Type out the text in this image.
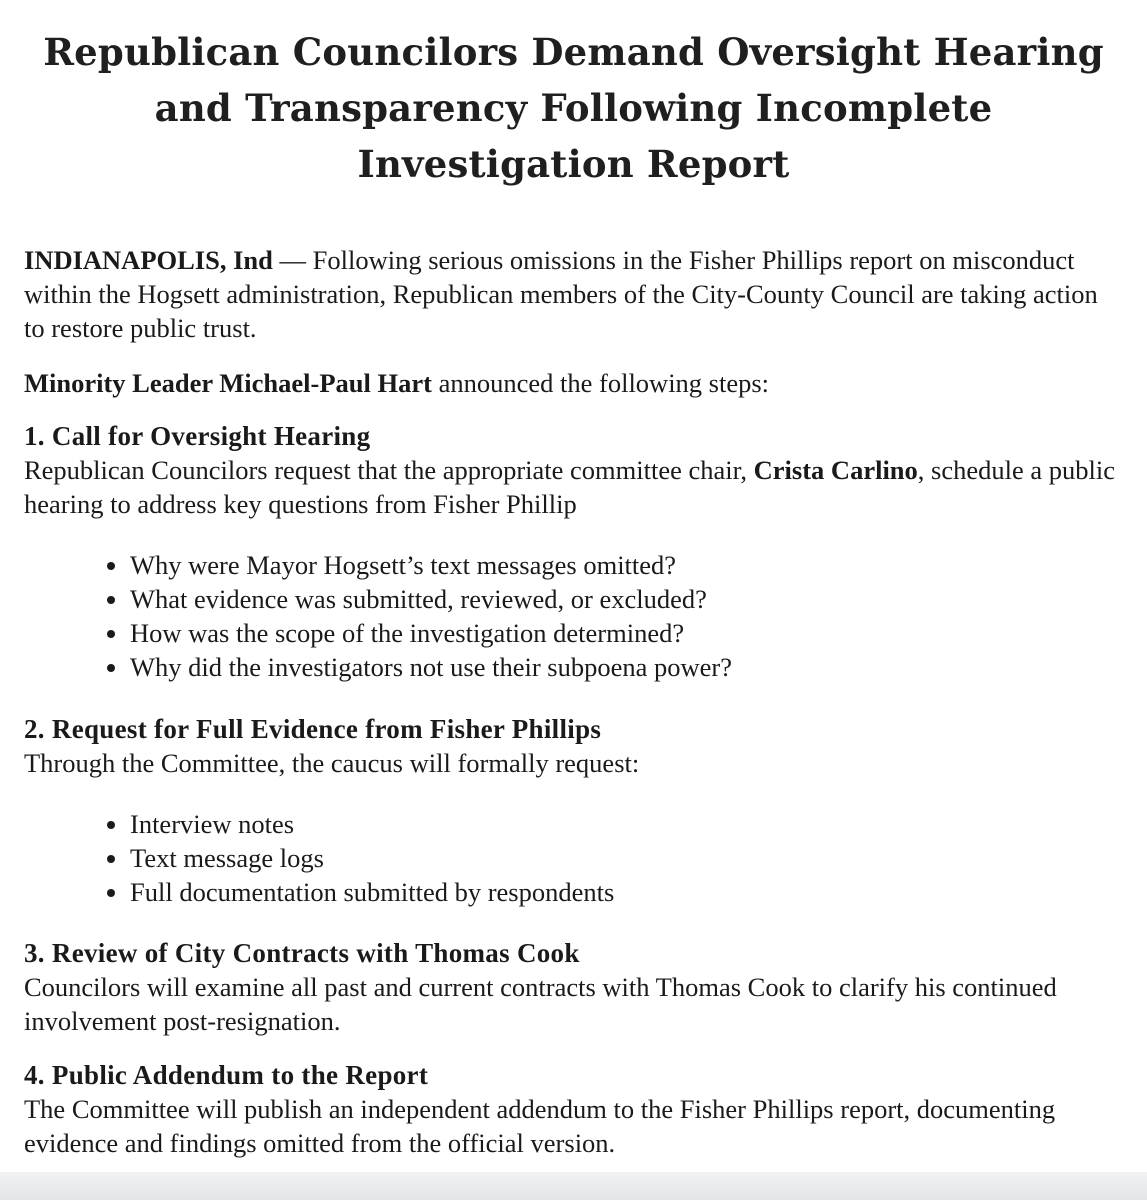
Republican Councilors Demand Oversight Hearing and Transparency Following Incomplete Investigation Report

INDIANAPOLIS, Ind — Following serious omissions in the Fisher Phillips report on misconduct within the Hogsett administration, Republican members of the City-County Council are taking action to restore public trust.

Minority Leader Michael-Paul Hart announced the following steps:

1. Call for Oversight Hearing

Republican Councilors request that the appropriate committee chair, Crista Carlino, schedule a public hearing to address key questions from Fisher Phillip

Why were Mayor Hogsett’s text messages omitted?
What evidence was submitted, reviewed, or excluded?
How was the scope of the investigation determined?
Why did the investigators not use their subpoena power?
2. Request for Full Evidence from Fisher Phillips

Through the Committee, the caucus will formally request:

Interview notes
Text message logs
Full documentation submitted by respondents
3. Review of City Contracts with Thomas Cook

Councilors will examine all past and current contracts with Thomas Cook to clarify his continued involvement post-resignation.

4. Public Addendum to the Report

The Committee will publish an independent addendum to the Fisher Phillips report, documenting evidence and findings omitted from the official version.
